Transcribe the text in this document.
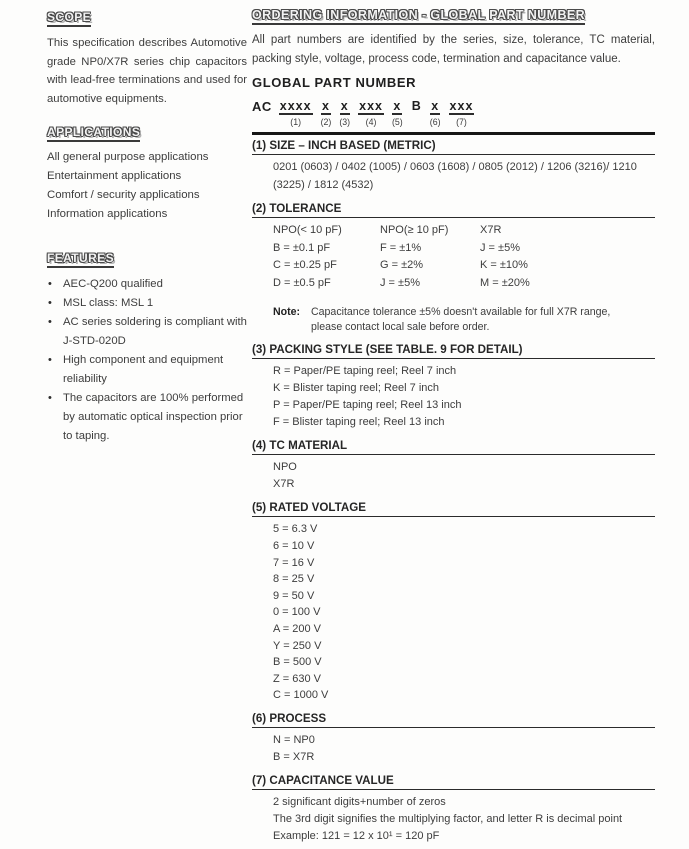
SCOPE

This specification describes Automotive grade NP0/X7R series chip capacitors with lead-free terminations and used for automotive equipments.

APPLICATIONS
All general purpose applications
Entertainment applications
Comfort / security applications
Information applications
FEATURES
• AEC-Q200 qualified
• MSL class: MSL 1
• AC series soldering is compliant with J-STD-020D
• High component and equipment reliability
• The capacitors are 100% performed by automatic optical inspection prior to taping.
ORDERING INFORMATION - GLOBAL PART NUMBER

All part numbers are identified by the series, size, tolerance, TC material, packing style, voltage, process code, termination and capacitance value.

GLOBAL PART NUMBER
AC xxxx
(1)
x
(2)
x
(3)
xxx
(4)
x
(5)
B x
(6)
xxx
(7)
(1) SIZE – INCH BASED (METRIC)
0201 (0603) / 0402 (1005) / 0603 (1608) / 0805 (2012) / 1206 (3216)/ 1210 (3225) / 1812 (4532)
(2) TOLERANCE
NPO(< 10 pF)	NPO(≥ 10 pF)	X7R
B = ±0.1 pF	F = ±1%	J = ±5%
C = ±0.25 pF	G = ±2%	K = ±10%
D = ±0.5 pF	J = ±5%	M = ±20%
Note:	Capacitance tolerance ±5% doesn't available for full X7R range,
please contact local sale before order.
(3) PACKING STYLE (SEE TABLE. 9 FOR DETAIL)
R = Paper/PE taping reel; Reel 7 inch
K = Blister taping reel; Reel 7 inch
P = Paper/PE taping reel; Reel 13 inch
F = Blister taping reel; Reel 13 inch
(4) TC MATERIAL
NPO
X7R
(5) RATED VOLTAGE
5 = 6.3 V
6 = 10 V
7 = 16 V
8 = 25 V
9 = 50 V
0 = 100 V
A = 200 V
Y = 250 V
B = 500 V
Z = 630 V
C = 1000 V
(6) PROCESS
N = NP0
B = X7R
(7) CAPACITANCE VALUE
2 significant digits+number of zeros
The 3rd digit signifies the multiplying factor, and letter R is decimal point
Example: 121 = 12 x 10¹ = 120 pF
